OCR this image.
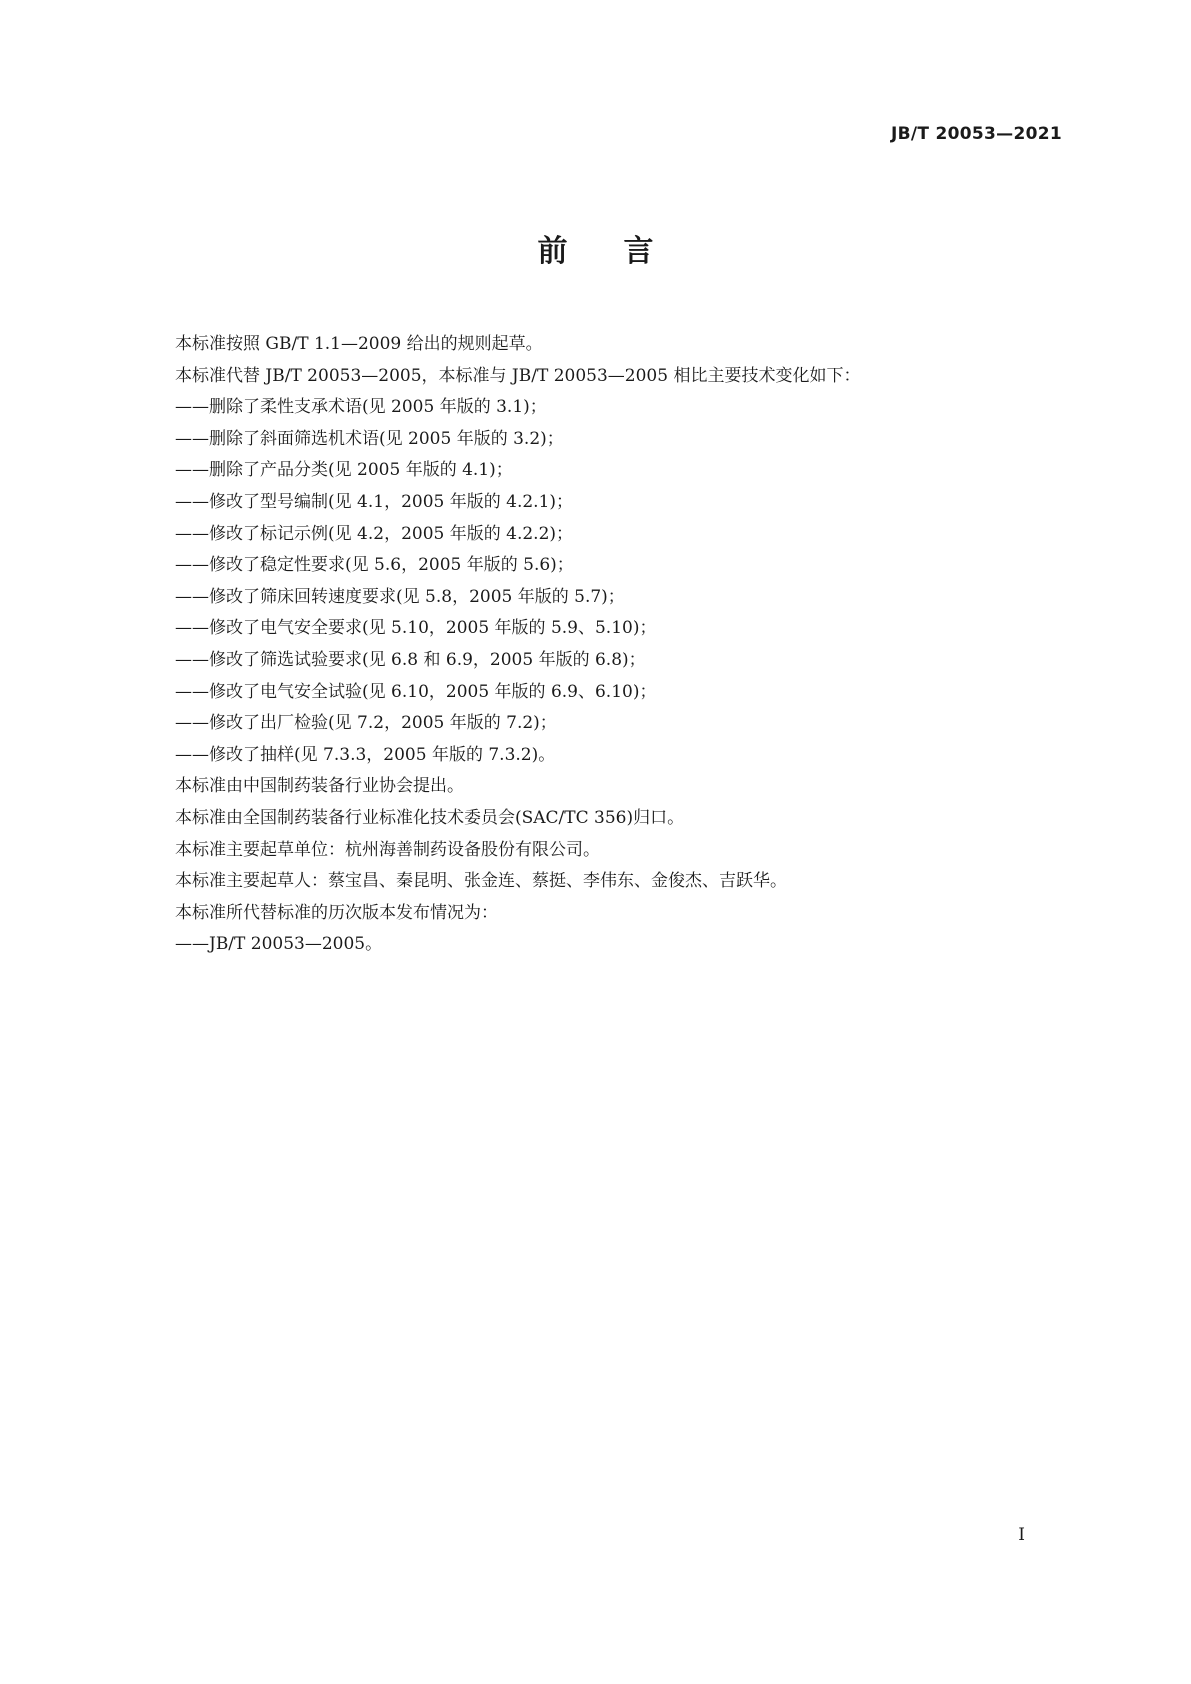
JB/T 20053—2021
前言
本标准按照 GB/T 1.1—2009 给出的规则起草。
本标准代替 JB/T 20053—2005，本标准与 JB/T 20053—2005 相比主要技术变化如下：
——删除了柔性支承术语(见 2005 年版的 3.1)；
——删除了斜面筛选机术语(见 2005 年版的 3.2)；
——删除了产品分类(见 2005 年版的 4.1)；
——修改了型号编制(见 4.1，2005 年版的 4.2.1)；
——修改了标记示例(见 4.2，2005 年版的 4.2.2)；
——修改了稳定性要求(见 5.6，2005 年版的 5.6)；
——修改了筛床回转速度要求(见 5.8，2005 年版的 5.7)；
——修改了电气安全要求(见 5.10，2005 年版的 5.9、5.10)；
——修改了筛选试验要求(见 6.8 和 6.9，2005 年版的 6.8)；
——修改了电气安全试验(见 6.10，2005 年版的 6.9、6.10)；
——修改了出厂检验(见 7.2，2005 年版的 7.2)；
——修改了抽样(见 7.3.3，2005 年版的 7.3.2)。
本标准由中国制药装备行业协会提出。
本标准由全国制药装备行业标准化技术委员会(SAC/TC 356)归口。
本标准主要起草单位：杭州海善制药设备股份有限公司。
本标准主要起草人：蔡宝昌、秦昆明、张金连、蔡挺、李伟东、金俊杰、吉跃华。
本标准所代替标准的历次版本发布情况为：
——JB/T 20053—2005。
I
